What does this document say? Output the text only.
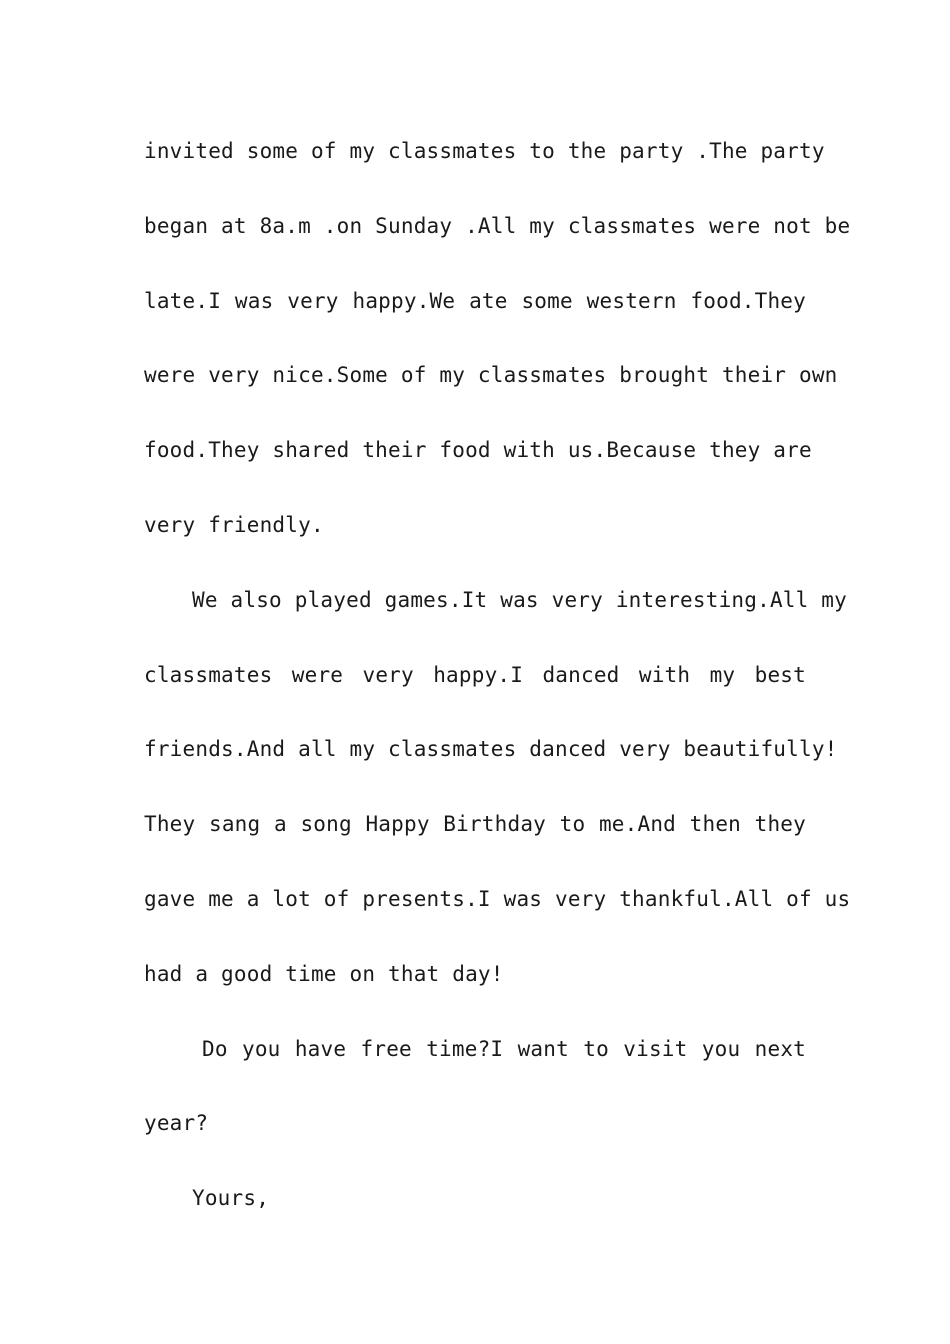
invited some of my classmates to the party .The party
began at 8a.m .on Sunday .All my classmates were not be
late.I was very happy.We ate some western food.They
were very nice.Some of my classmates brought their own
food.They shared their food with us.Because they are
very friendly.
We also played games.It was very interesting.All my
classmates were very happy.I danced with my best
friends.And all my classmates danced very beautifully!
They sang a song Happy Birthday to me.And then they
gave me a lot of presents.I was very thankful.All of us
had a good time on that day!
Do you have free time?I want to visit you next
year?
Yours,
